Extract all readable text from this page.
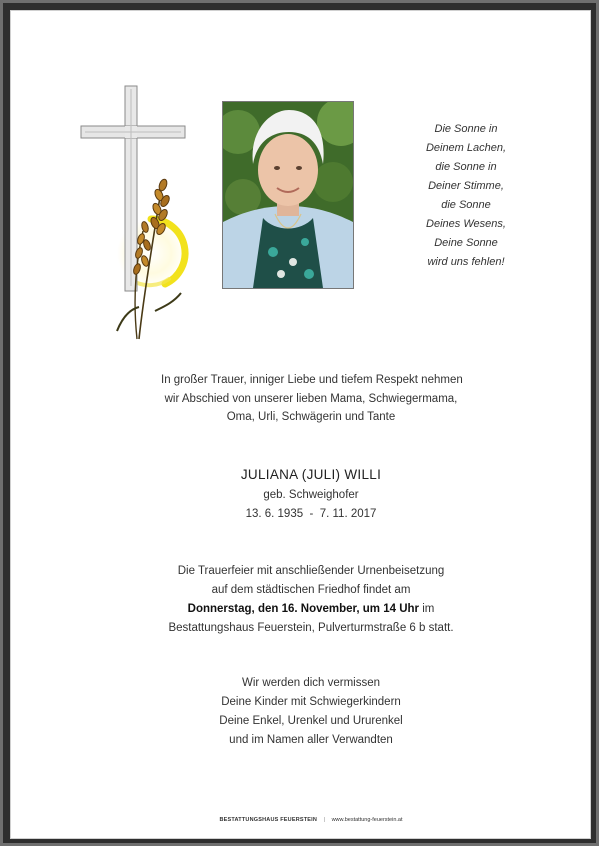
Die Sonne in
Deinem Lachen,
die Sonne in
Deiner Stimme,
die Sonne
Deines Wesens,
Deine Sonne
wird uns fehlen!
In großer Trauer, inniger Liebe und tiefem Respekt nehmen
wir Abschied von unserer lieben Mama, Schwiegermama,
Oma, Urli, Schwägerin und Tante
JULIANA (JULI) WILLI
geb. Schweighofer
13. 6. 1935  -  7. 11. 2017
Die Trauerfeier mit anschließender Urnenbeisetzung
auf dem städtischen Friedhof findet am
Donnerstag, den 16. November, um 14 Uhr im
Bestattungshaus Feuerstein, Pulverturmstraße 6 b statt.
Wir werden dich vermissen
Deine Kinder mit Schwiegerkindern
Deine Enkel, Urenkel und Ururenkel
und im Namen aller Verwandten
BESTATTUNGSHAUS FEUERSTEIN | www.bestattung-feuerstein.at
